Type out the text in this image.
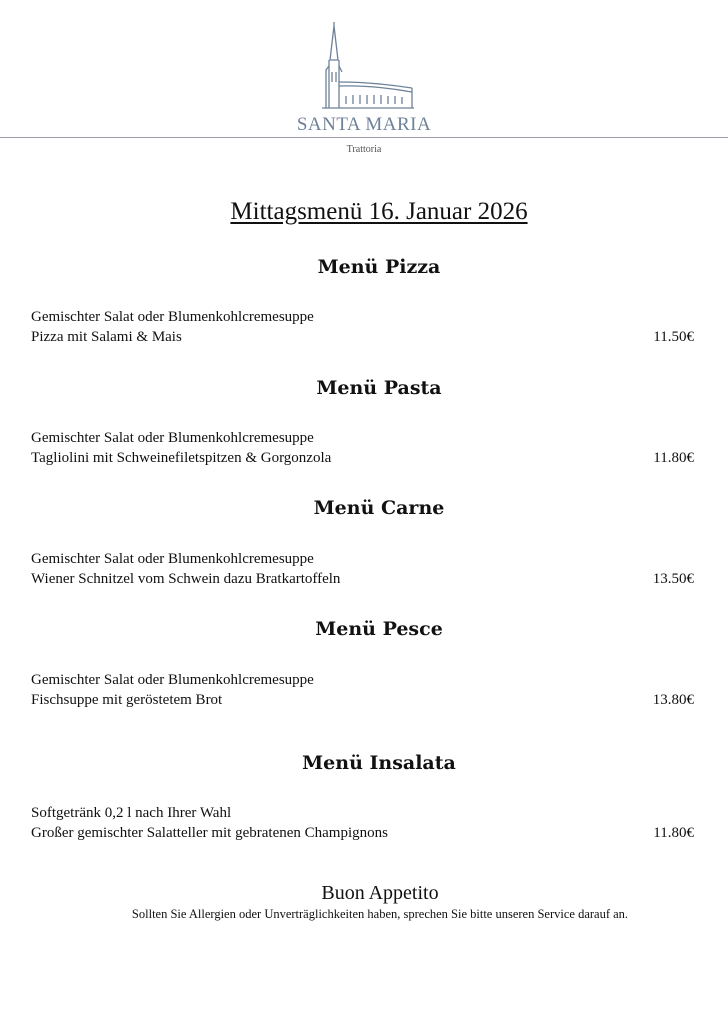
SANTA MARIA
Trattoria
Mittagsmenü 16. Januar 2026
Menü Pizza
Gemischter Salat oder Blumenkohlcremesuppe
Pizza mit Salami & Mais	11.50€
Menü Pasta
Gemischter Salat oder Blumenkohlcremesuppe
Tagliolini mit Schweinefiletspitzen & Gorgonzola	11.80€
Menü Carne
Gemischter Salat oder Blumenkohlcremesuppe
Wiener Schnitzel vom Schwein dazu Bratkartoffeln	13.50€
Menü Pesce
Gemischter Salat oder Blumenkohlcremesuppe
Fischsuppe mit geröstetem Brot	13.80€
Menü Insalata
Softgetränk 0,2 l nach Ihrer Wahl
Großer gemischter Salatteller mit gebratenen Champignons	11.80€
Buon Appetito
Sollten Sie Allergien oder Unverträglichkeiten haben, sprechen Sie bitte unseren Service darauf an.
